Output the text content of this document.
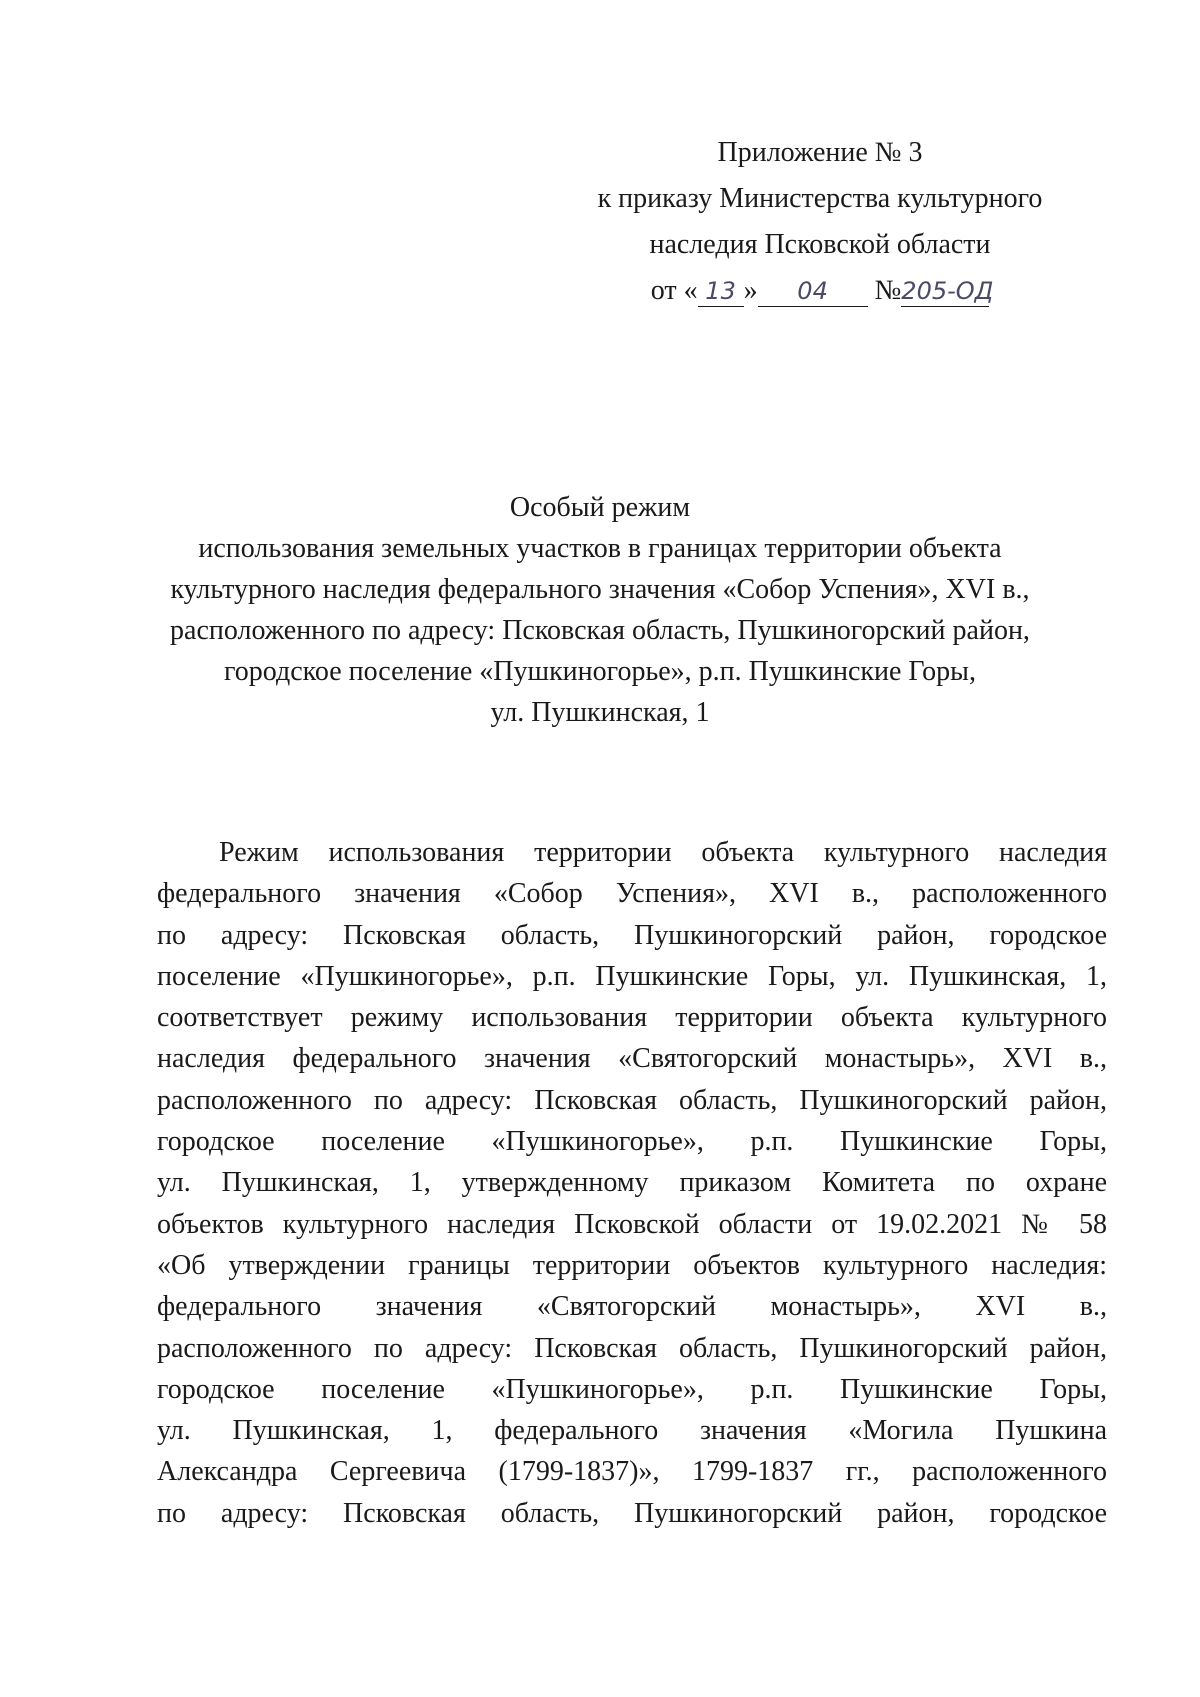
Приложение № 3
к приказу Министерства культурного
наследия Псковской области
от « 13 » 04 №205-ОД
Особый режим
использования земельных участков в границах территории объекта
культурного наследия федерального значения «Собор Успения», XVI в.,
расположенного по адресу: Псковская область, Пушкиногорский район,
городское поселение «Пушкиногорье», р.п. Пушкинские Горы,
ул. Пушкинская, 1
Режим использования территории объекта культурного наследия
федерального значения «Собор Успения», XVI в., расположенного
по адресу: Псковская область, Пушкиногорский район, городское
поселение «Пушкиногорье», р.п. Пушкинские Горы, ул. Пушкинская, 1,
соответствует режиму использования территории объекта культурного
наследия федерального значения «Святогорский монастырь», XVI в.,
расположенного по адресу: Псковская область, Пушкиногорский район,
городское поселение «Пушкиногорье», р.п. Пушкинские Горы,
ул. Пушкинская, 1, утвержденному приказом Комитета по охране
объектов культурного наследия Псковской области от 19.02.2021 № 58
«Об утверждении границы территории объектов культурного наследия:
федерального значения «Святогорский монастырь», XVI в.,
расположенного по адресу: Псковская область, Пушкиногорский район,
городское поселение «Пушкиногорье», р.п. Пушкинские Горы,
ул. Пушкинская, 1, федерального значения «Могила Пушкина
Александра Сергеевича (1799-1837)», 1799-1837 гг., расположенного
по адресу: Псковская область, Пушкиногорский район, городское
